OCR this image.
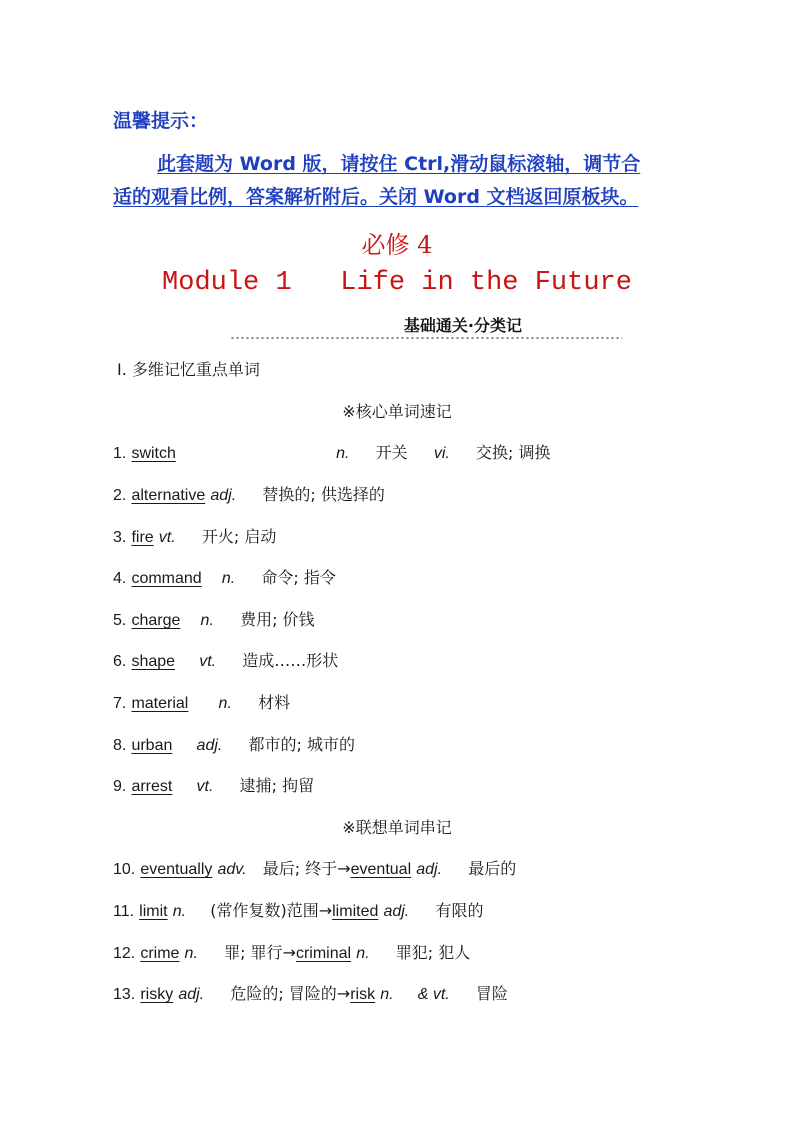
温馨提示：
此套题为 Word 版，请按住 Ctrl,滑动鼠标滚轴，调节合
适的观看比例，答案解析附后。关闭 Word 文档返回原板块。
必修 4
Module 1   Life in the Future
基础通关·分类记
Ⅰ. 多维记忆重点单词
※核心单词速记
1. switch	n. 开关 vi. 交换; 调换
2. alternative adj. 替换的; 供选择的
3. fire vt. 开火; 启动
4. command n. 命令; 指令
5. charge n. 费用; 价钱
6. shape vt. 造成……形状
7. material n. 材料
8. urban adj. 都市的; 城市的
9. arrest vt. 逮捕; 拘留
※联想单词串记
10. eventually adv. 最后; 终于→eventual adj. 最后的
11. limit n. (常作复数)范围→limited adj. 有限的
12. crime n. 罪; 罪行→criminal n. 罪犯; 犯人
13. risky adj. 危险的; 冒险的→risk n. & vt. 冒险
